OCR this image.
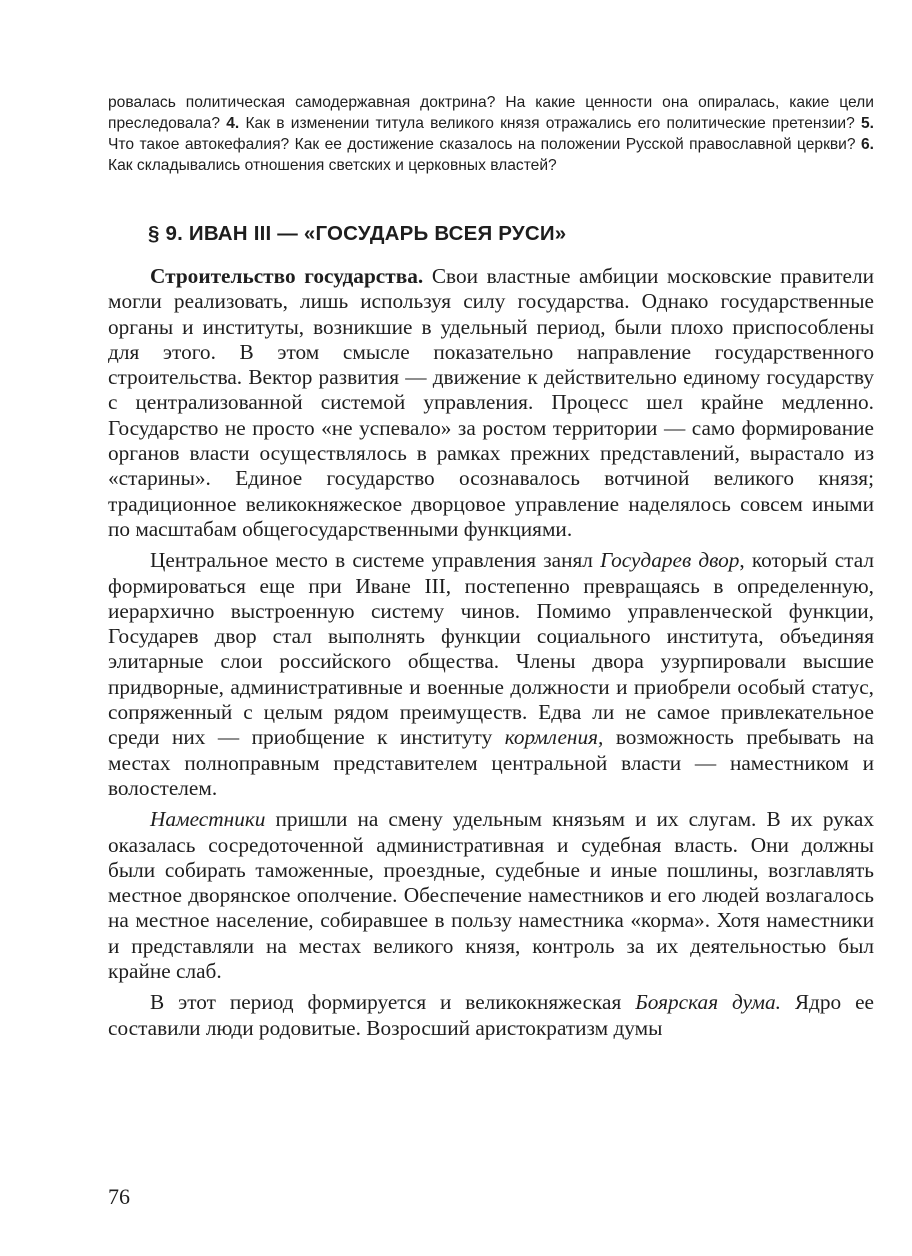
ровалась политическая самодержавная доктрина? На какие ценности она опиралась, какие цели преследовала? 4. Как в изменении титула великого князя отражались его политические претензии? 5. Что такое автокефалия? Как ее достижение сказалось на положении Русской православной церкви? 6. Как складывались отношения светских и церковных властей?

§ 9. ИВАН III — «ГОСУДАРЬ ВСЕЯ РУСИ»

Строительство государства. Свои властные амбиции московские правители могли реализовать, лишь используя силу государства. Однако государственные органы и институты, возникшие в удельный период, были плохо приспособлены для этого. В этом смысле показательно направление государственного строительства. Вектор развития — движение к действительно единому государству с централизованной системой управления. Процесс шел крайне медленно. Государство не просто «не успевало» за ростом территории — само формирование органов власти осуществлялось в рамках прежних представлений, вырастало из «старины». Единое государство осознавалось вотчиной великого князя; традиционное великокняжеское дворцовое управление наделялось совсем иными по масштабам общегосударственными функциями.

Центральное место в системе управления занял Государев двор, который стал формироваться еще при Иване III, постепенно превращаясь в определенную, иерархично выстроенную систему чинов. Помимо управленческой функции, Государев двор стал выполнять функции социального института, объединяя элитарные слои российского общества. Члены двора узурпировали высшие придворные, административные и военные должности и приобрели особый статус, сопряженный с целым рядом преимуществ. Едва ли не самое привлекательное среди них — приобщение к институту кормления, возможность пребывать на местах полноправным представителем центральной власти — наместником и волостелем.

Наместники пришли на смену удельным князьям и их слугам. В их руках оказалась сосредоточенной административная и судебная власть. Они должны были собирать таможенные, проездные, судебные и иные пошлины, возглавлять местное дворянское ополчение. Обеспечение наместников и его людей возлагалось на местное население, собиравшее в пользу наместника «корма». Хотя наместники и представляли на местах великого князя, контроль за их деятельностью был крайне слаб.

В этот период формируется и великокняжеская Боярская дума. Ядро ее составили люди родовитые. Возросший аристократизм думы

76
